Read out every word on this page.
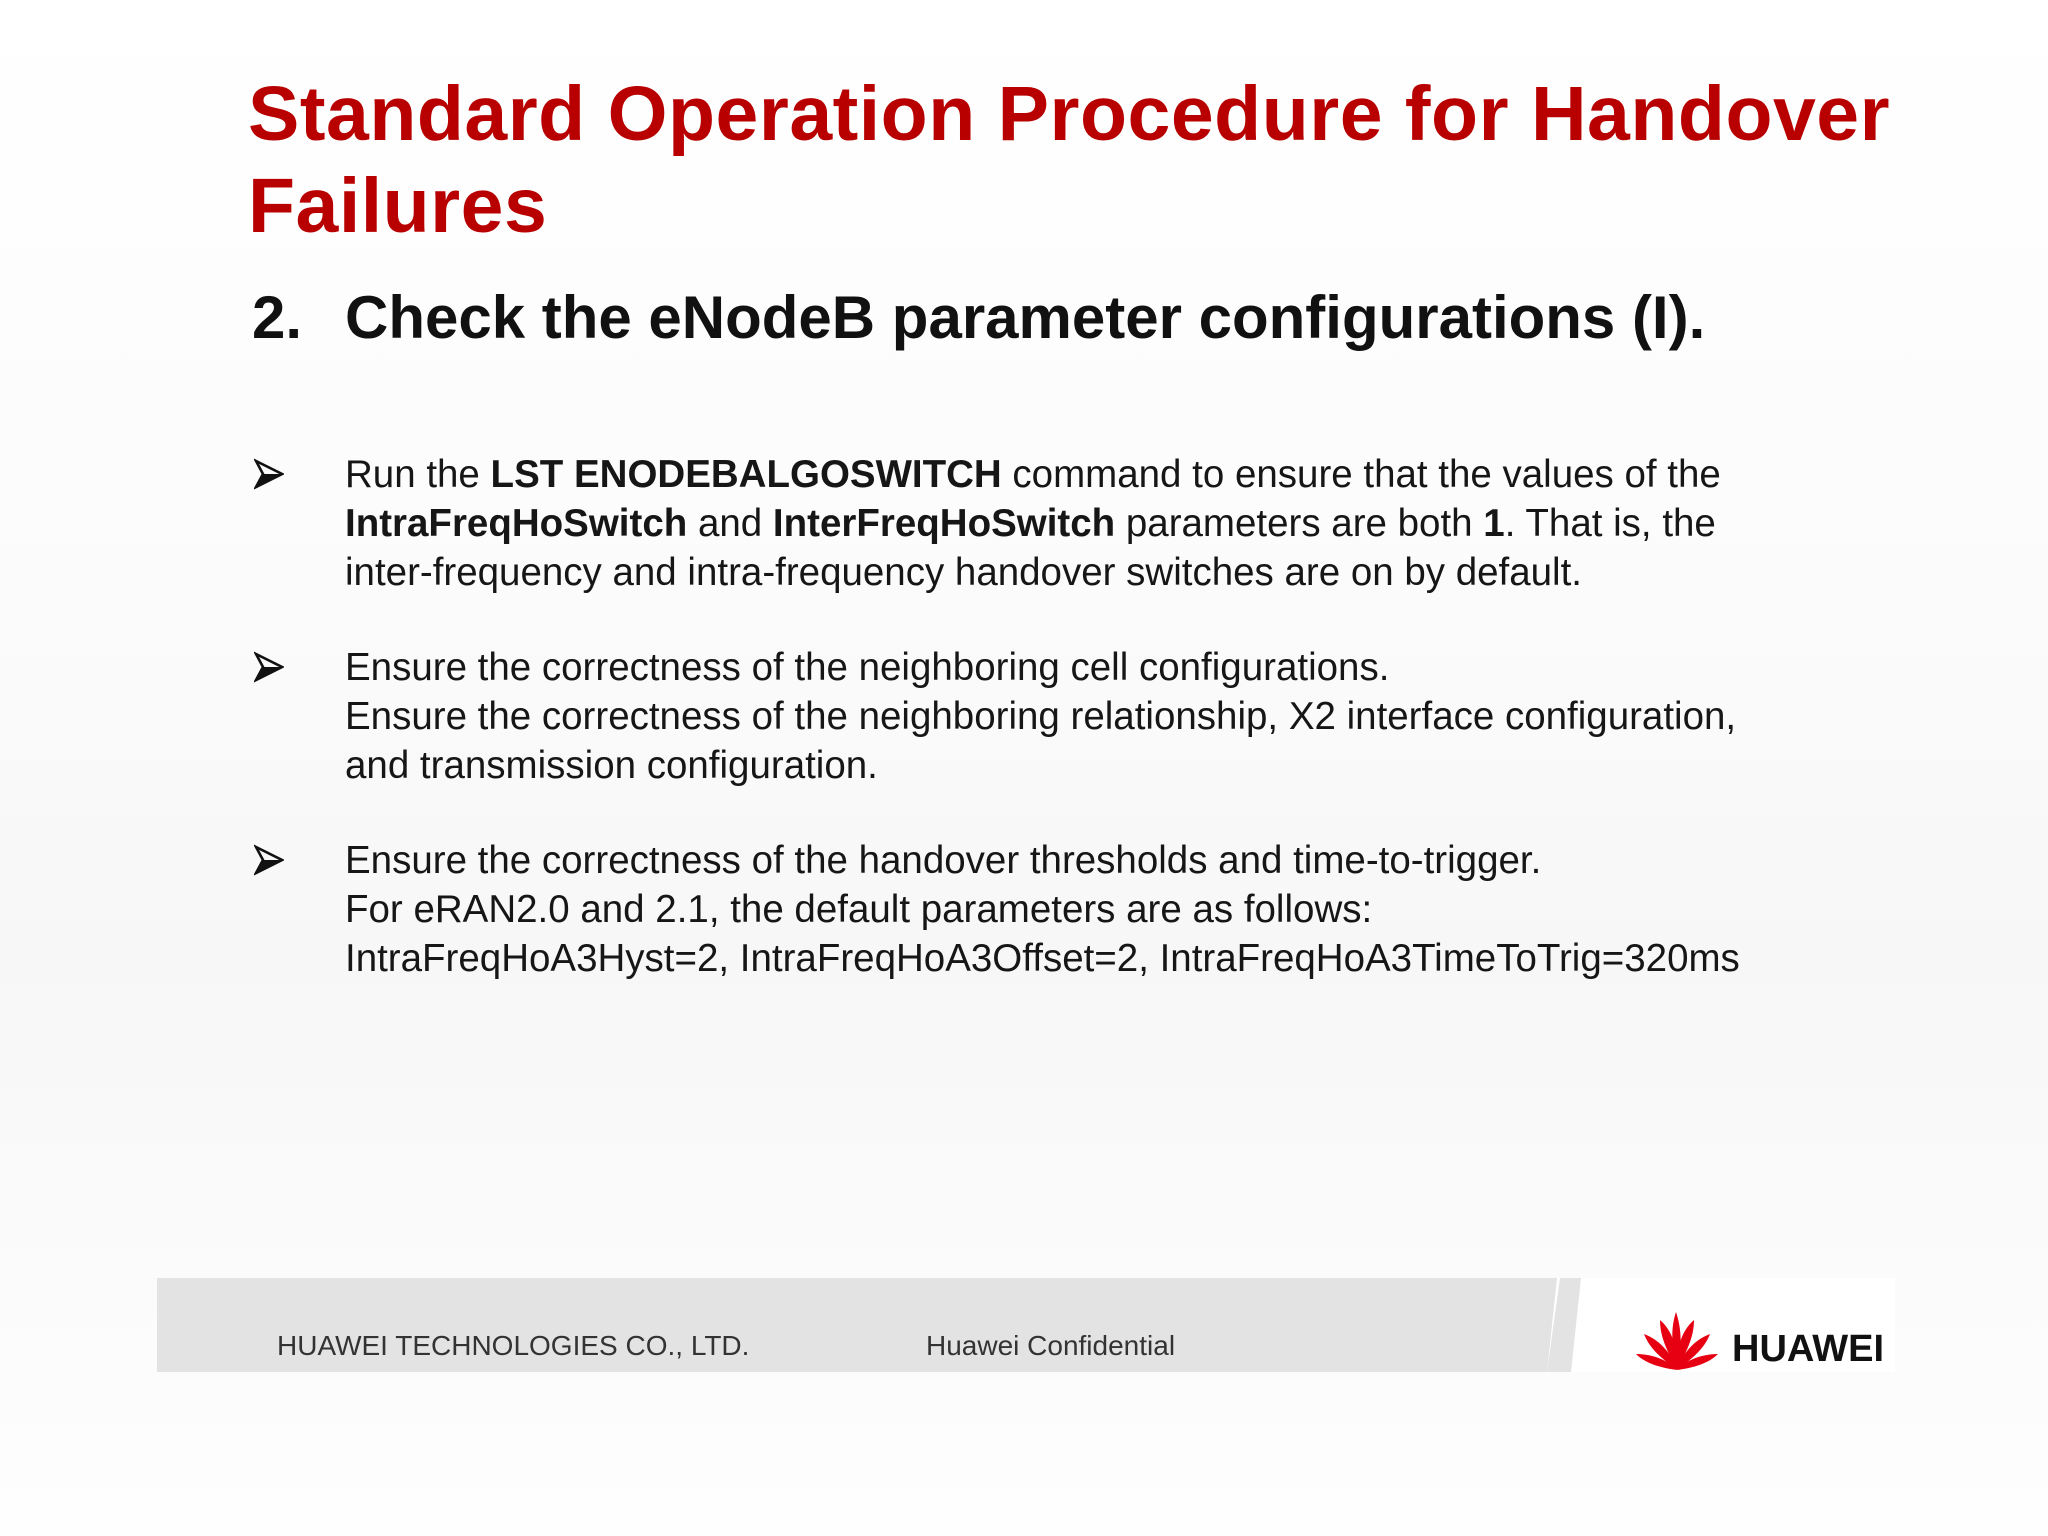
Standard Operation Procedure for Handover Failures
2. Check the eNodeB parameter configurations (I).
Run the LST ENODEBALGOSWITCH command to ensure that the values of the
IntraFreqHoSwitch and InterFreqHoSwitch parameters are both 1. That is, the
inter-frequency and intra-frequency handover switches are on by default.
Ensure the correctness of the neighboring cell configurations.
Ensure the correctness of the neighboring relationship, X2 interface configuration,
and transmission configuration.
Ensure the correctness of the handover thresholds and time-to-trigger.
For eRAN2.0 and 2.1, the default parameters are as follows:
IntraFreqHoA3Hyst=2, IntraFreqHoA3Offset=2, IntraFreqHoA3TimeToTrig=320ms
HUAWEI TECHNOLOGIES CO., LTD.	Huawei Confidential	HUAWEI
